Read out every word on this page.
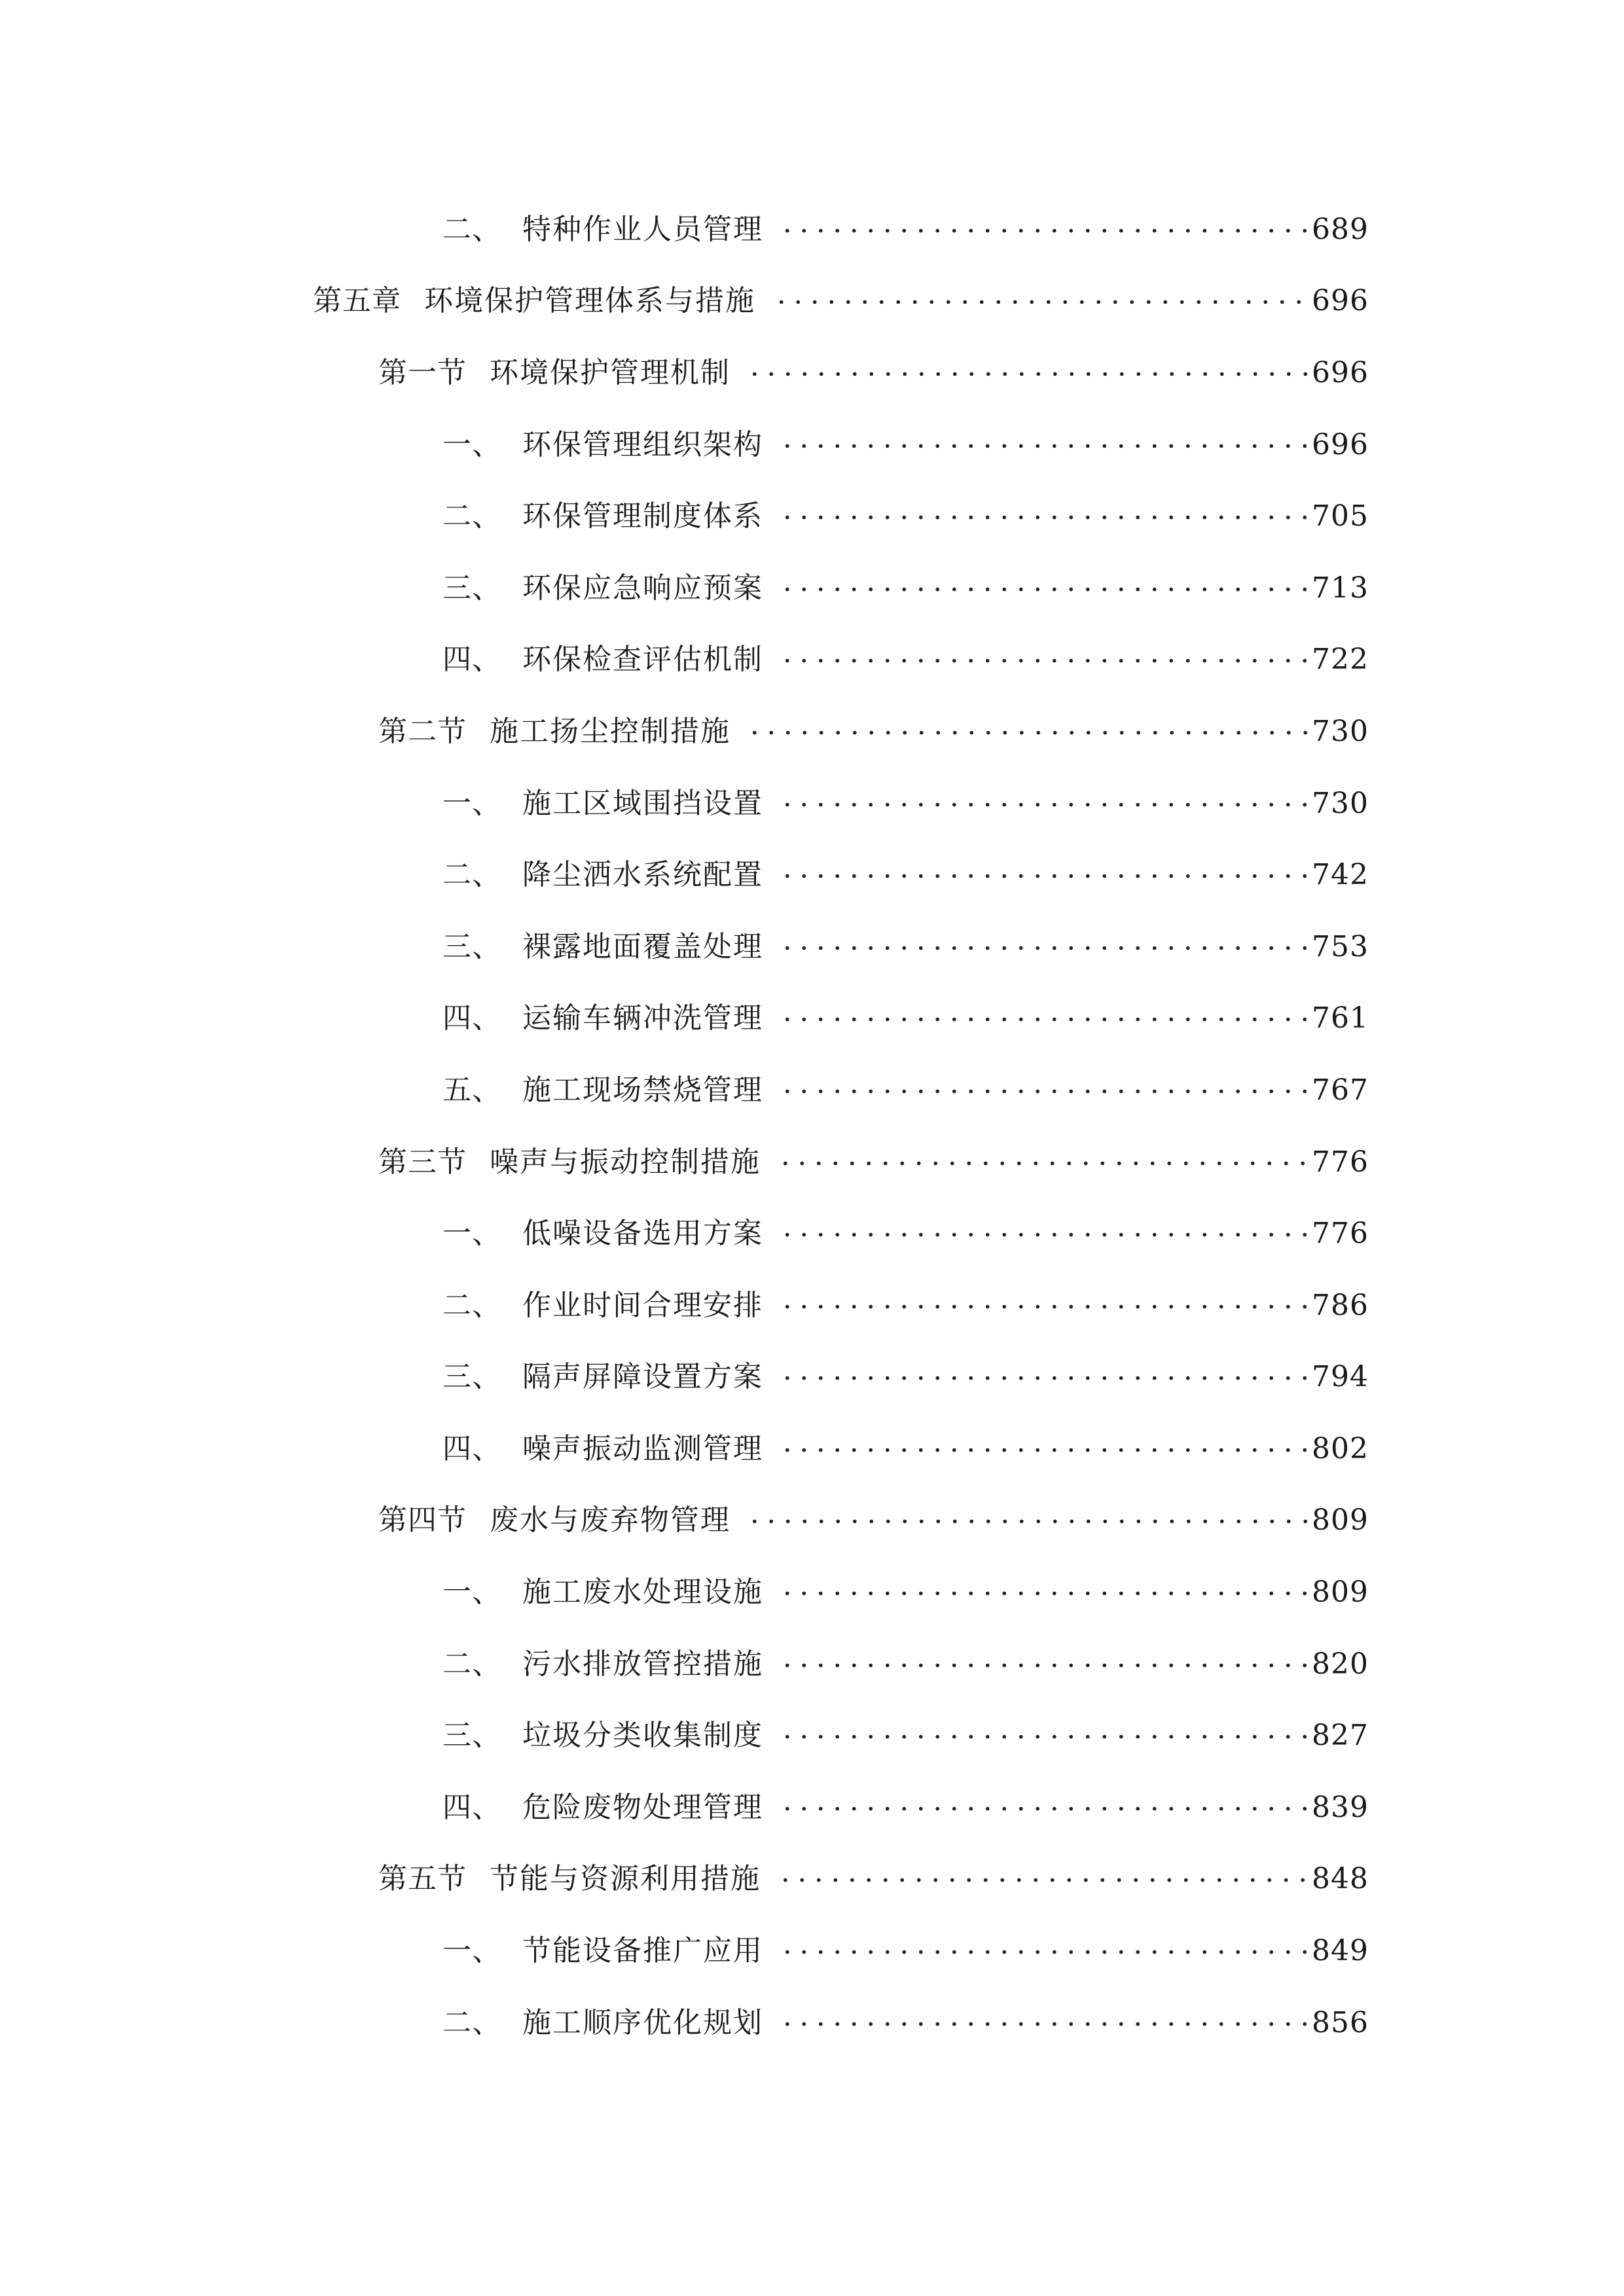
二、 特种作业人员管理	689
第五章 环境保护管理体系与措施	696
第一节 环境保护管理机制	696
一、 环保管理组织架构	696
二、 环保管理制度体系	705
三、 环保应急响应预案	713
四、 环保检查评估机制	722
第二节 施工扬尘控制措施	730
一、 施工区域围挡设置	730
二、 降尘洒水系统配置	742
三、 裸露地面覆盖处理	753
四、 运输车辆冲洗管理	761
五、 施工现场禁烧管理	767
第三节 噪声与振动控制措施	776
一、 低噪设备选用方案	776
二、 作业时间合理安排	786
三、 隔声屏障设置方案	794
四、 噪声振动监测管理	802
第四节 废水与废弃物管理	809
一、 施工废水处理设施	809
二、 污水排放管控措施	820
三、 垃圾分类收集制度	827
四、 危险废物处理管理	839
第五节 节能与资源利用措施	848
一、 节能设备推广应用	849
二、 施工顺序优化规划	856
